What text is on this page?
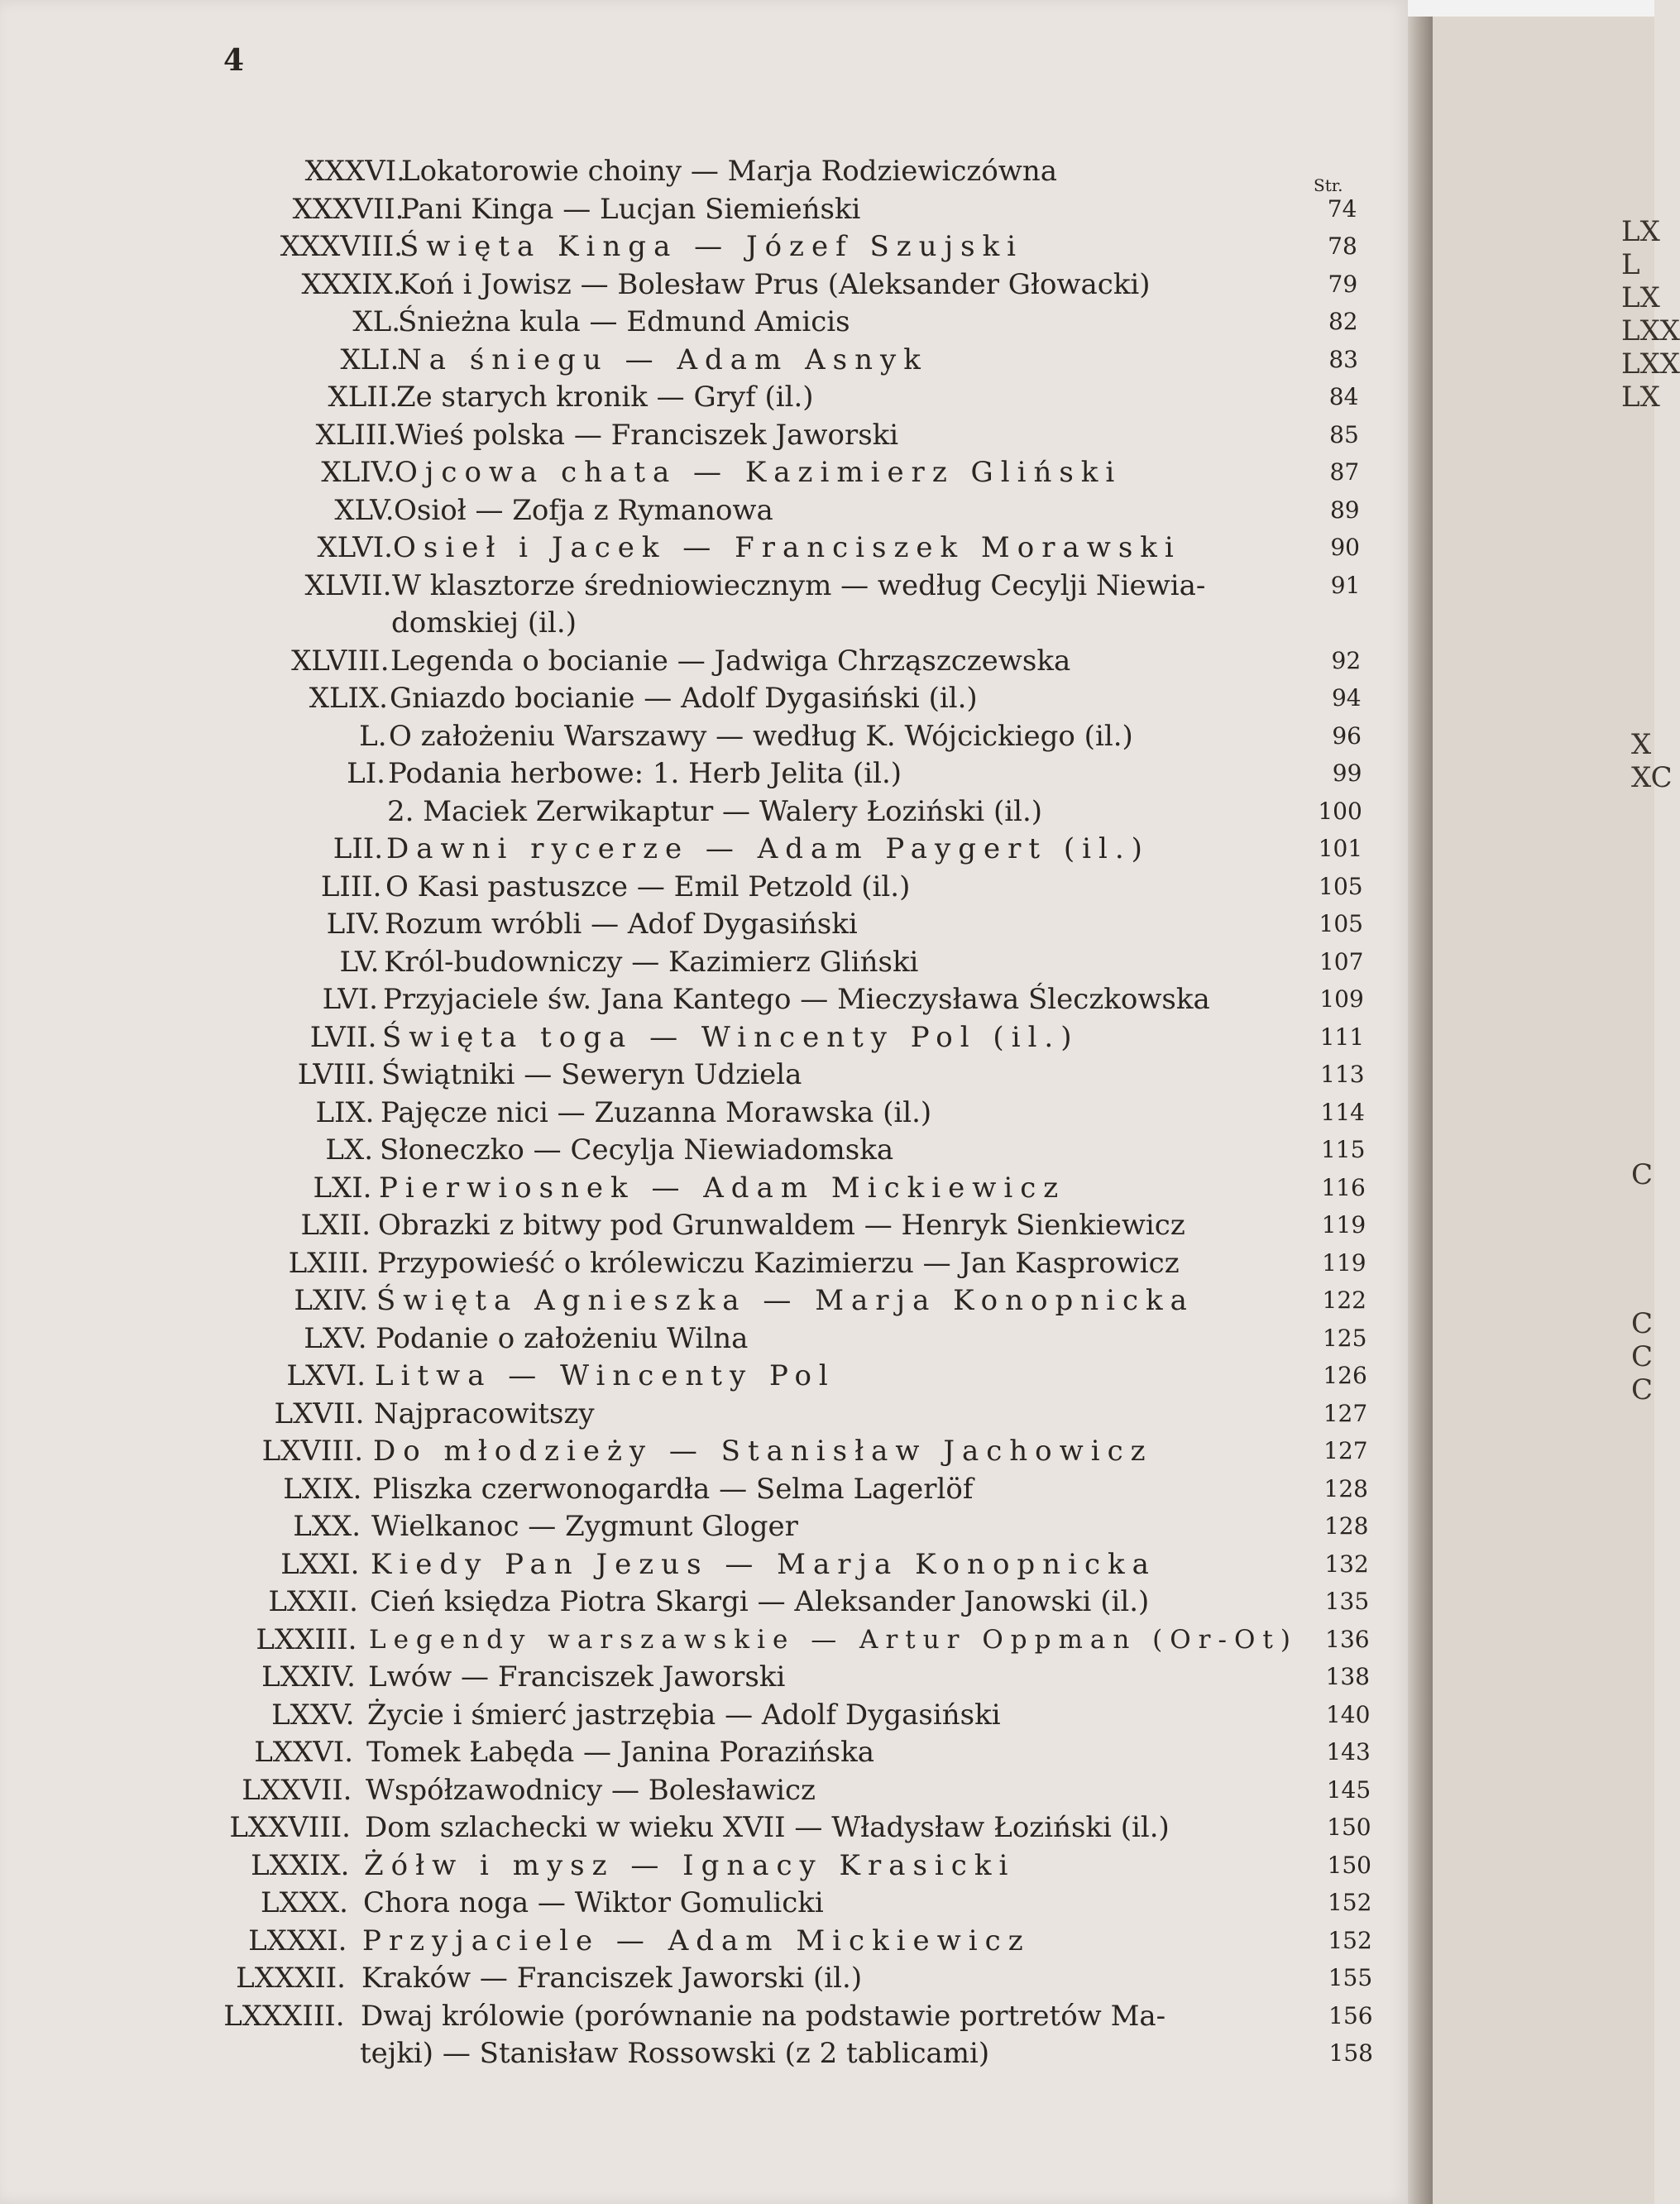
4
Str.
XXXVI.
Lokatorowie choiny — Marja Rodziewiczówna
XXXVII.
Pani Kinga — Lucjan Siemieński	74
XXXVIII.
Święta Kinga — Józef Szujski	78
XXXIX.
Koń i Jowisz — Bolesław Prus (Aleksander Głowacki)	79
XL.
Śnieżna kula — Edmund Amicis	82
XLI.
Na śniegu — Adam Asnyk	83
XLII.
Ze starych kronik — Gryf (il.)	84
XLIII.
Wieś polska — Franciszek Jaworski	85
XLIV. Ojcowa chata — Kazimierz Gliński	87
XLV. Osioł — Zofja z Rymanowa	89
XLVI. Osieł i Jacek — Franciszek Morawski	90
XLVII. W klasztorze średniowiecznym — według Cecylji Niewia-	91
domskiej (il.)
XLVIII. Legenda o bocianie — Jadwiga Chrząszczewska	92
XLIX. Gniazdo bocianie — Adolf Dygasiński (il.)	94
L. O założeniu Warszawy — według K. Wójcickiego (il.)	96
LI. Podania herbowe: 1. Herb Jelita (il.)	99
2. Maciek Zerwikaptur — Walery Łoziński (il.)	100
LII. Dawni rycerze — Adam Paygert (il.)	101
LIII. O Kasi pastuszce — Emil Petzold (il.)	105
LIV. Rozum wróbli — Adof Dygasiński	105
LV. Król-budowniczy — Kazimierz Gliński	107
LVI. Przyjaciele św. Jana Kantego — Mieczysława Śleczkowska	109
LVII. Święta toga — Wincenty Pol (il.)	111
LVIII. Świątniki — Seweryn Udziela	113
LIX. Pajęcze nici — Zuzanna Morawska (il.)	114
LX. Słoneczko — Cecylja Niewiadomska	115
LXI. Pierwiosnek — Adam Mickiewicz	116
LXII. Obrazki z bitwy pod Grunwaldem — Henryk Sienkiewicz	119
LXIII. Przypowieść o królewiczu Kazimierzu — Jan Kasprowicz	119
LXIV. Święta Agnieszka — Marja Konopnicka	122
LXV. Podanie o założeniu Wilna	125
LXVI. Litwa — Wincenty Pol	126
LXVII. Najpracowitszy	127
LXVIII. Do młodzieży — Stanisław Jachowicz	127
LXIX. Pliszka czerwonogardła — Selma Lagerlöf	128
LXX. Wielkanoc — Zygmunt Gloger	128
LXXI. Kiedy Pan Jezus — Marja Konopnicka	132
LXXII. Cień księdza Piotra Skargi — Aleksander Janowski (il.)	135
LXXIII. Legendy warszawskie — Artur Oppman (Or-Ot) 136
LXXIV. Lwów — Franciszek Jaworski	138
LXXV. Życie i śmierć jastrzębia — Adolf Dygasiński	140
LXXVI. Tomek Łabęda — Janina Porazińska	143
LXXVII. Współzawodnicy — Bolesławicz	145
LXXVIII. Dom szlachecki w wieku XVII — Władysław Łoziński (il.)	150
LXXIX. Żółw i mysz — Ignacy Krasicki	150
LXXX. Chora noga — Wiktor Gomulicki	152
LXXXI. Przyjaciele — Adam Mickiewicz	152
LXXXII. Kraków — Franciszek Jaworski (il.)	155
LXXXIII. Dwaj królowie (porównanie na podstawie portretów Ma-	156
tejki) — Stanisław Rossowski (z 2 tablicami)	158
LX
L
LX
LXX
LXX
LX
X
XC
C
C
C
C
